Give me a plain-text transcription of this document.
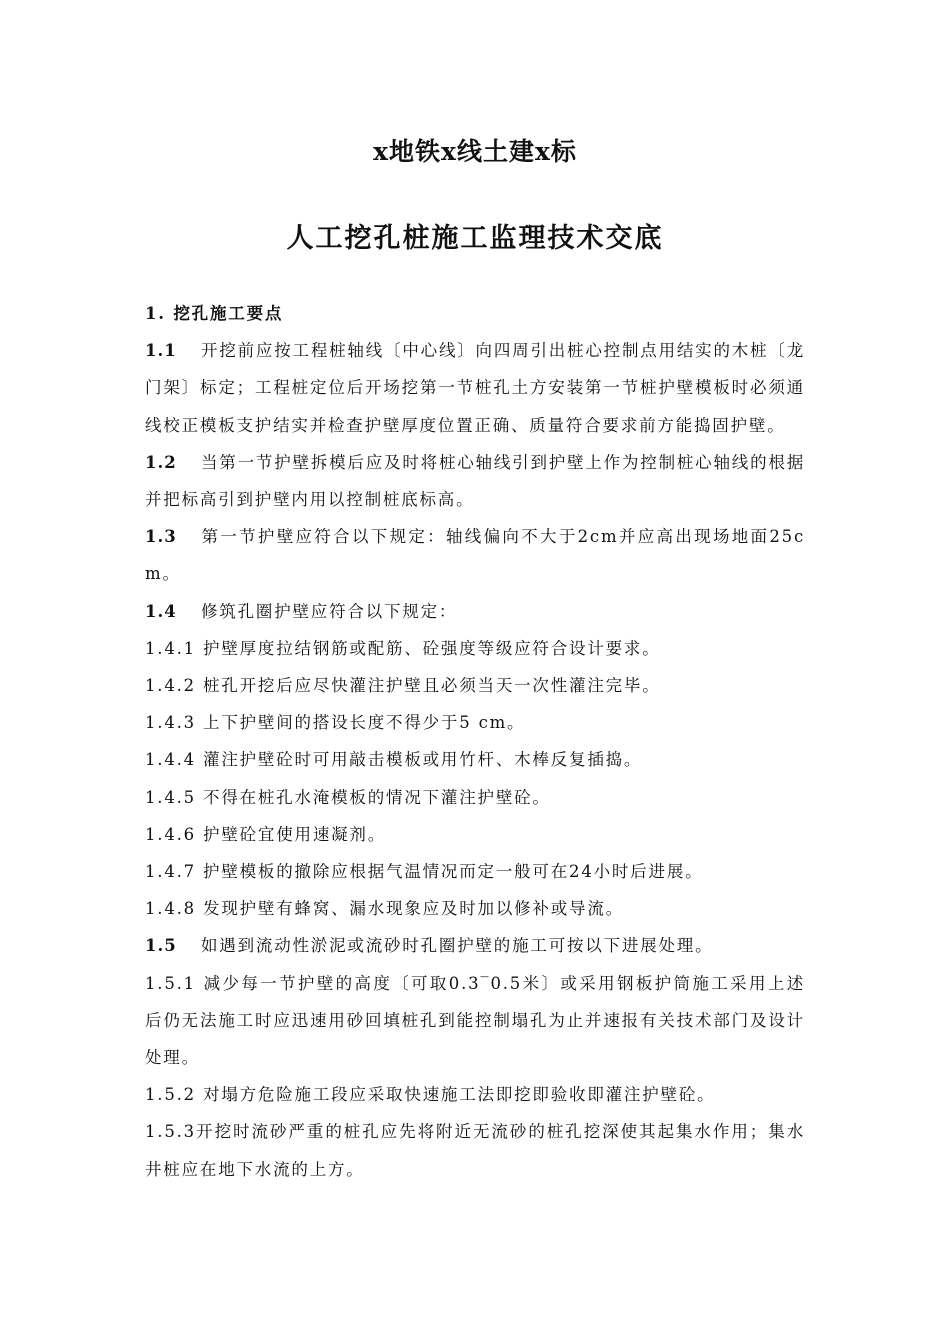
x地铁x线土建x标
人工挖孔桩施工监理技术交底

1. 挖孔施工要点

1.1 开挖前应按工程桩轴线〔中心线〕向四周引出桩心控制点用结实的木桩〔龙门架〕标定；工程桩定位后开场挖第一节桩孔土方安装第一节桩护壁模板时必须通线校正模板支护结实并检查护壁厚度位置正确、质量符合要求前方能捣固护壁。

1.2 当第一节护壁拆模后应及时将桩心轴线引到护壁上作为控制桩心轴线的根据并把标高引到护壁内用以控制桩底标高。

1.3 第一节护壁应符合以下规定：轴线偏向不大于2cm并应高出现场地面25cm。

1.4 修筑孔圈护壁应符合以下规定：

1.4.1 护壁厚度拉结钢筋或配筋、砼强度等级应符合设计要求。

1.4.2 桩孔开挖后应尽快灌注护壁且必须当天一次性灌注完毕。

1.4.3 上下护壁间的搭设长度不得少于5 cm。

1.4.4 灌注护壁砼时可用敲击模板或用竹杆、木棒反复插捣。

1.4.5 不得在桩孔水淹模板的情况下灌注护壁砼。

1.4.6 护壁砼宜使用速凝剂。

1.4.7 护壁模板的撤除应根据气温情况而定一般可在24小时后进展。

1.4.8 发现护壁有蜂窝、漏水现象应及时加以修补或导流。

1.5 如遇到流动性淤泥或流砂时孔圈护壁的施工可按以下进展处理。

1.5.1 减少每一节护壁的高度〔可取0.3‾0.5米〕或采用钢板护筒施工采用上述后仍无法施工时应迅速用砂回填桩孔到能控制塌孔为止并速报有关技术部门及设计处理。

1.5.2 对塌方危险施工段应采取快速施工法即挖即验收即灌注护壁砼。

1.5.3开挖时流砂严重的桩孔应先将附近无流砂的桩孔挖深使其起集水作用；集水井桩应在地下水流的上方。
